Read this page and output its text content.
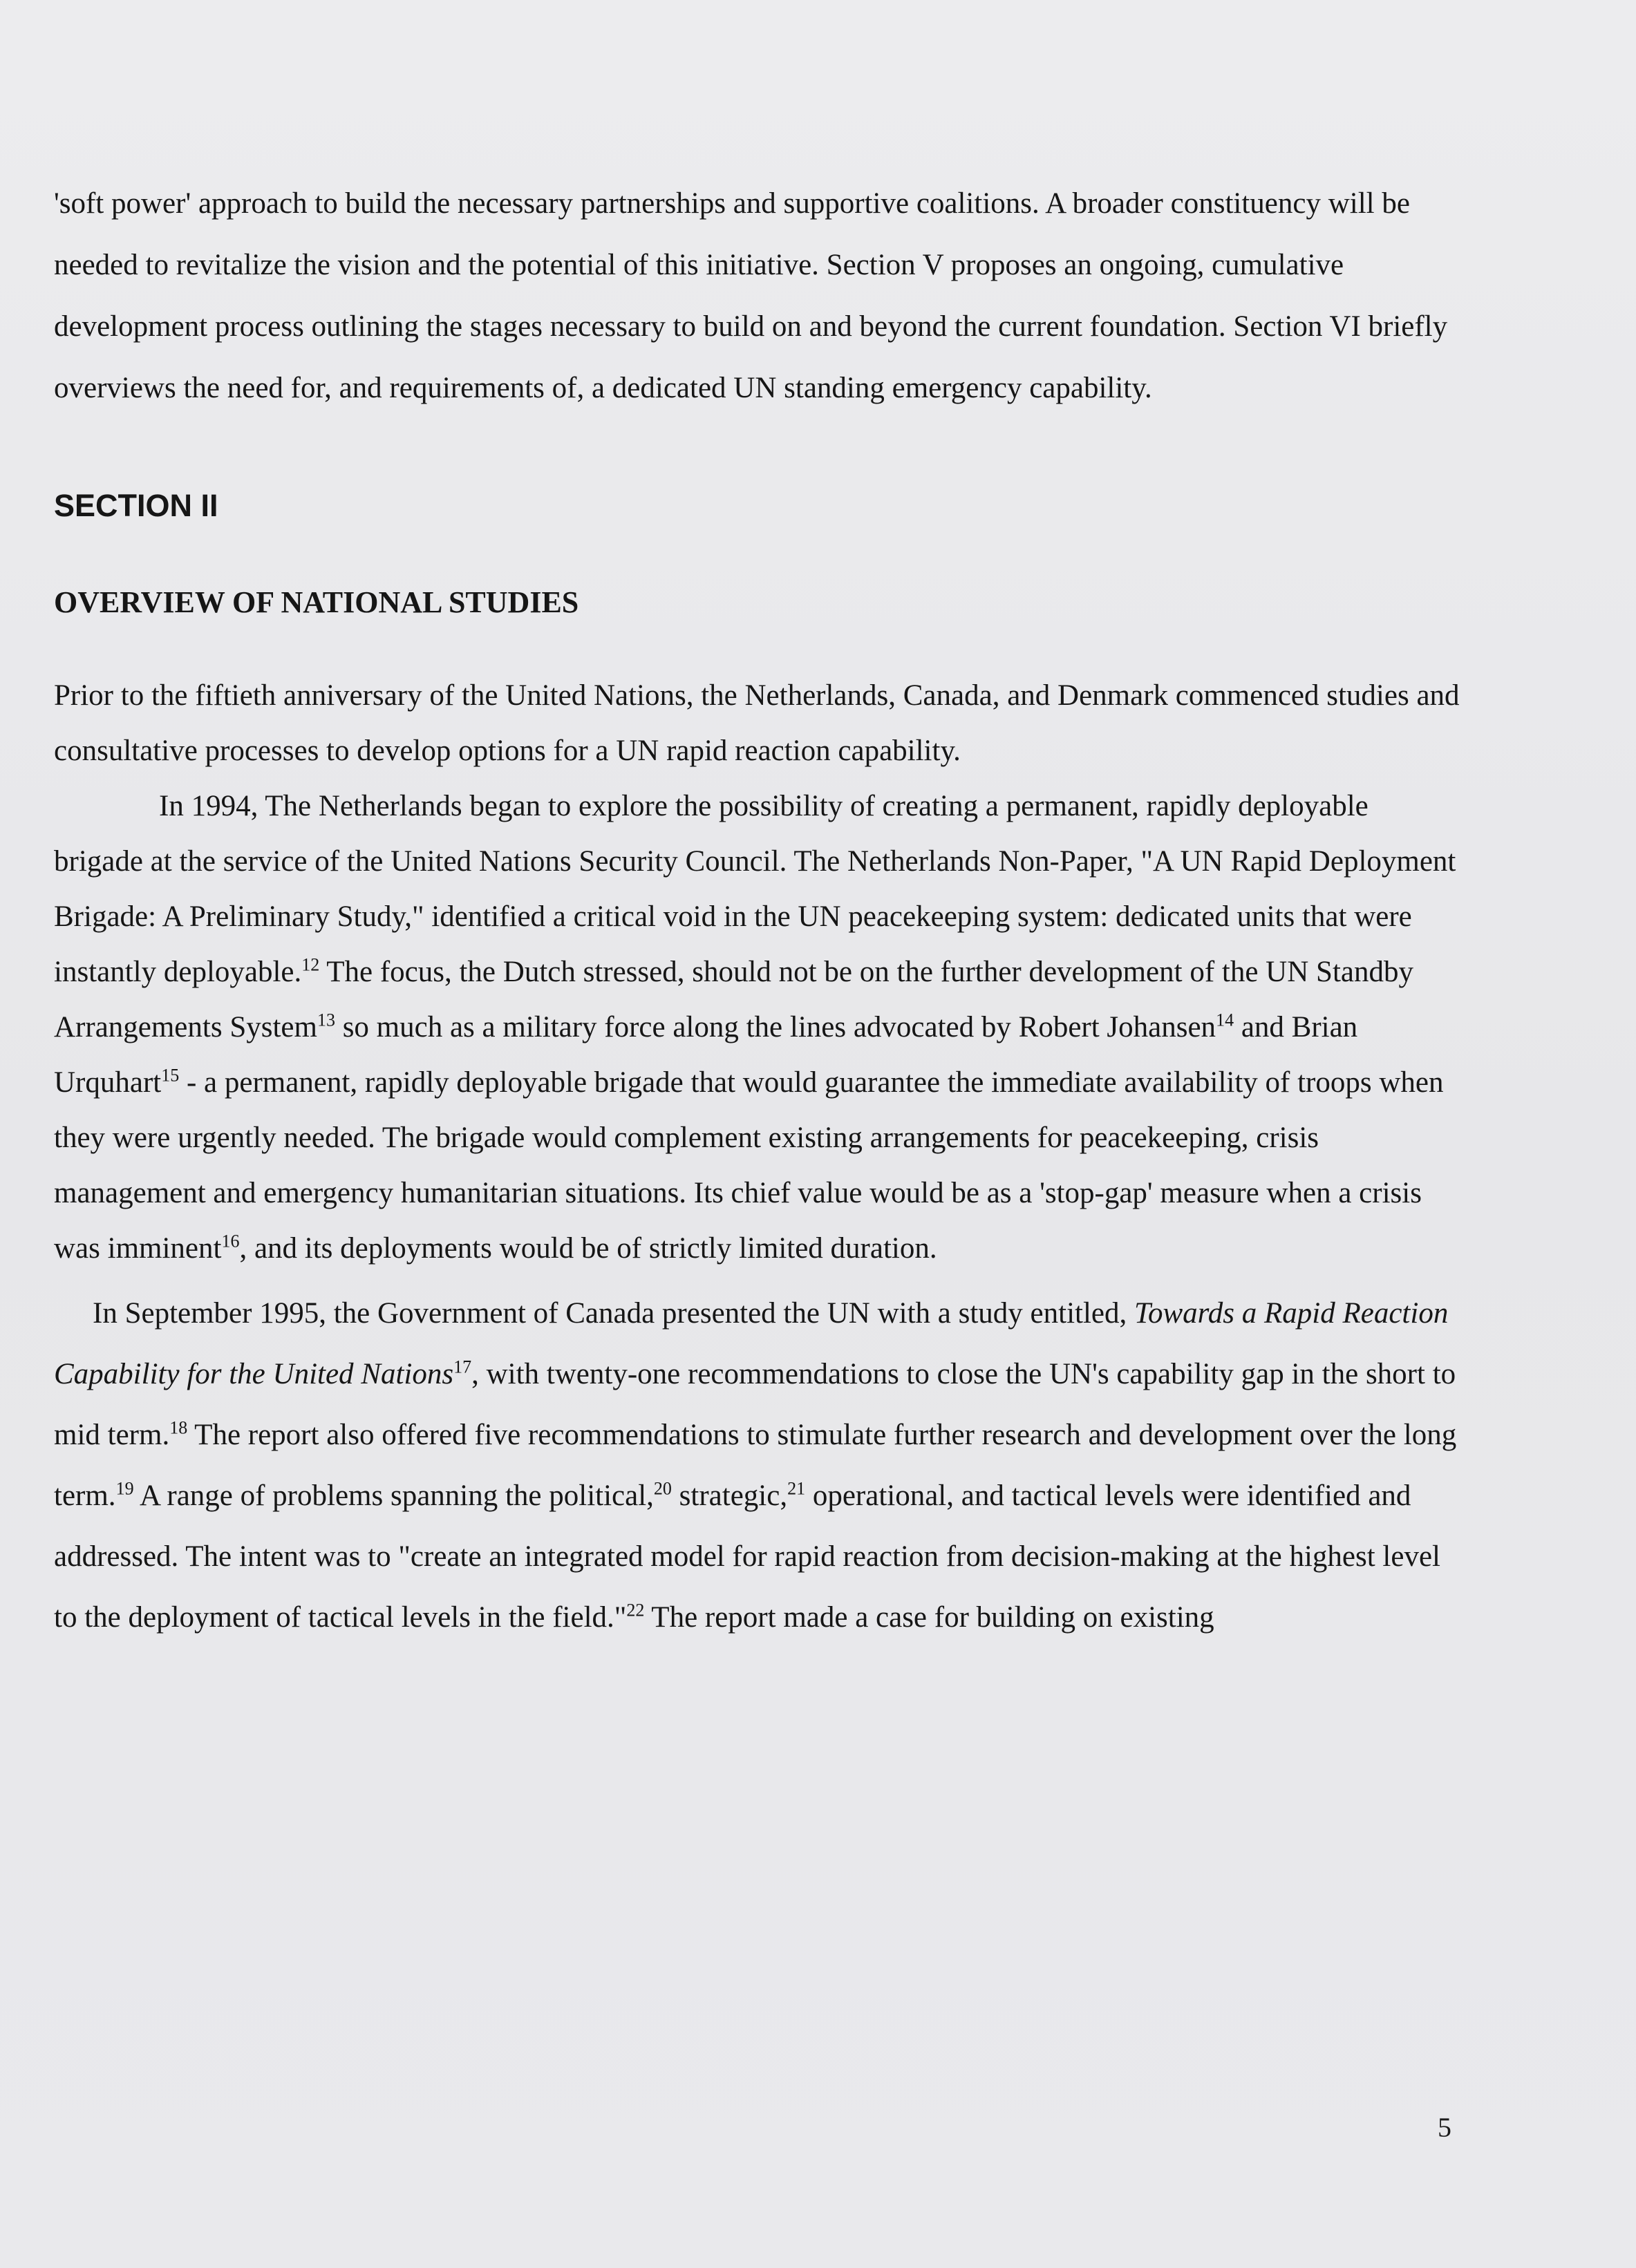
'soft power' approach to build the necessary partnerships and supportive coalitions. A broader constituency will be needed to revitalize the vision and the potential of this initiative. Section V proposes an ongoing, cumulative development process outlining the stages necessary to build on and beyond the current foundation. Section VI briefly overviews the need for, and requirements of, a dedicated UN standing emergency capability.

SECTION II

OVERVIEW OF NATIONAL STUDIES

Prior to the fiftieth anniversary of the United Nations, the Netherlands, Canada, and Denmark commenced studies and consultative processes to develop options for a UN rapid reaction capability.

In 1994, The Netherlands began to explore the possibility of creating a permanent, rapidly deployable brigade at the service of the United Nations Security Council. The Netherlands Non-Paper, "A UN Rapid Deployment Brigade: A Preliminary Study," identified a critical void in the UN peacekeeping system: dedicated units that were instantly deployable.$^{12}$ The focus, the Dutch stressed, should not be on the further development of the UN Standby Arrangements System$^{13}$ so much as a military force along the lines advocated by Robert Johansen$^{14}$ and Brian Urquhart$^{15}$ - a permanent, rapidly deployable brigade that would guarantee the immediate availability of troops when they were urgently needed. The brigade would complement existing arrangements for peacekeeping, crisis management and emergency humanitarian situations. Its chief value would be as a 'stop-gap' measure when a crisis was imminent$^{16}$, and its deployments would be of strictly limited duration.

In September 1995, the Government of Canada presented the UN with a study entitled, Towards a Rapid Reaction Capability for the United Nations$^{17}$, with twenty-one recommendations to close the UN's capability gap in the short to mid term.$^{18}$ The report also offered five recommendations to stimulate further research and development over the long term.$^{19}$ A range of problems spanning the political,$^{20}$ strategic,$^{21}$ operational, and tactical levels were identified and addressed. The intent was to "create an integrated model for rapid reaction from decision-making at the highest level to the deployment of tactical levels in the field."$^{22}$ The report made a case for building on existing

5
